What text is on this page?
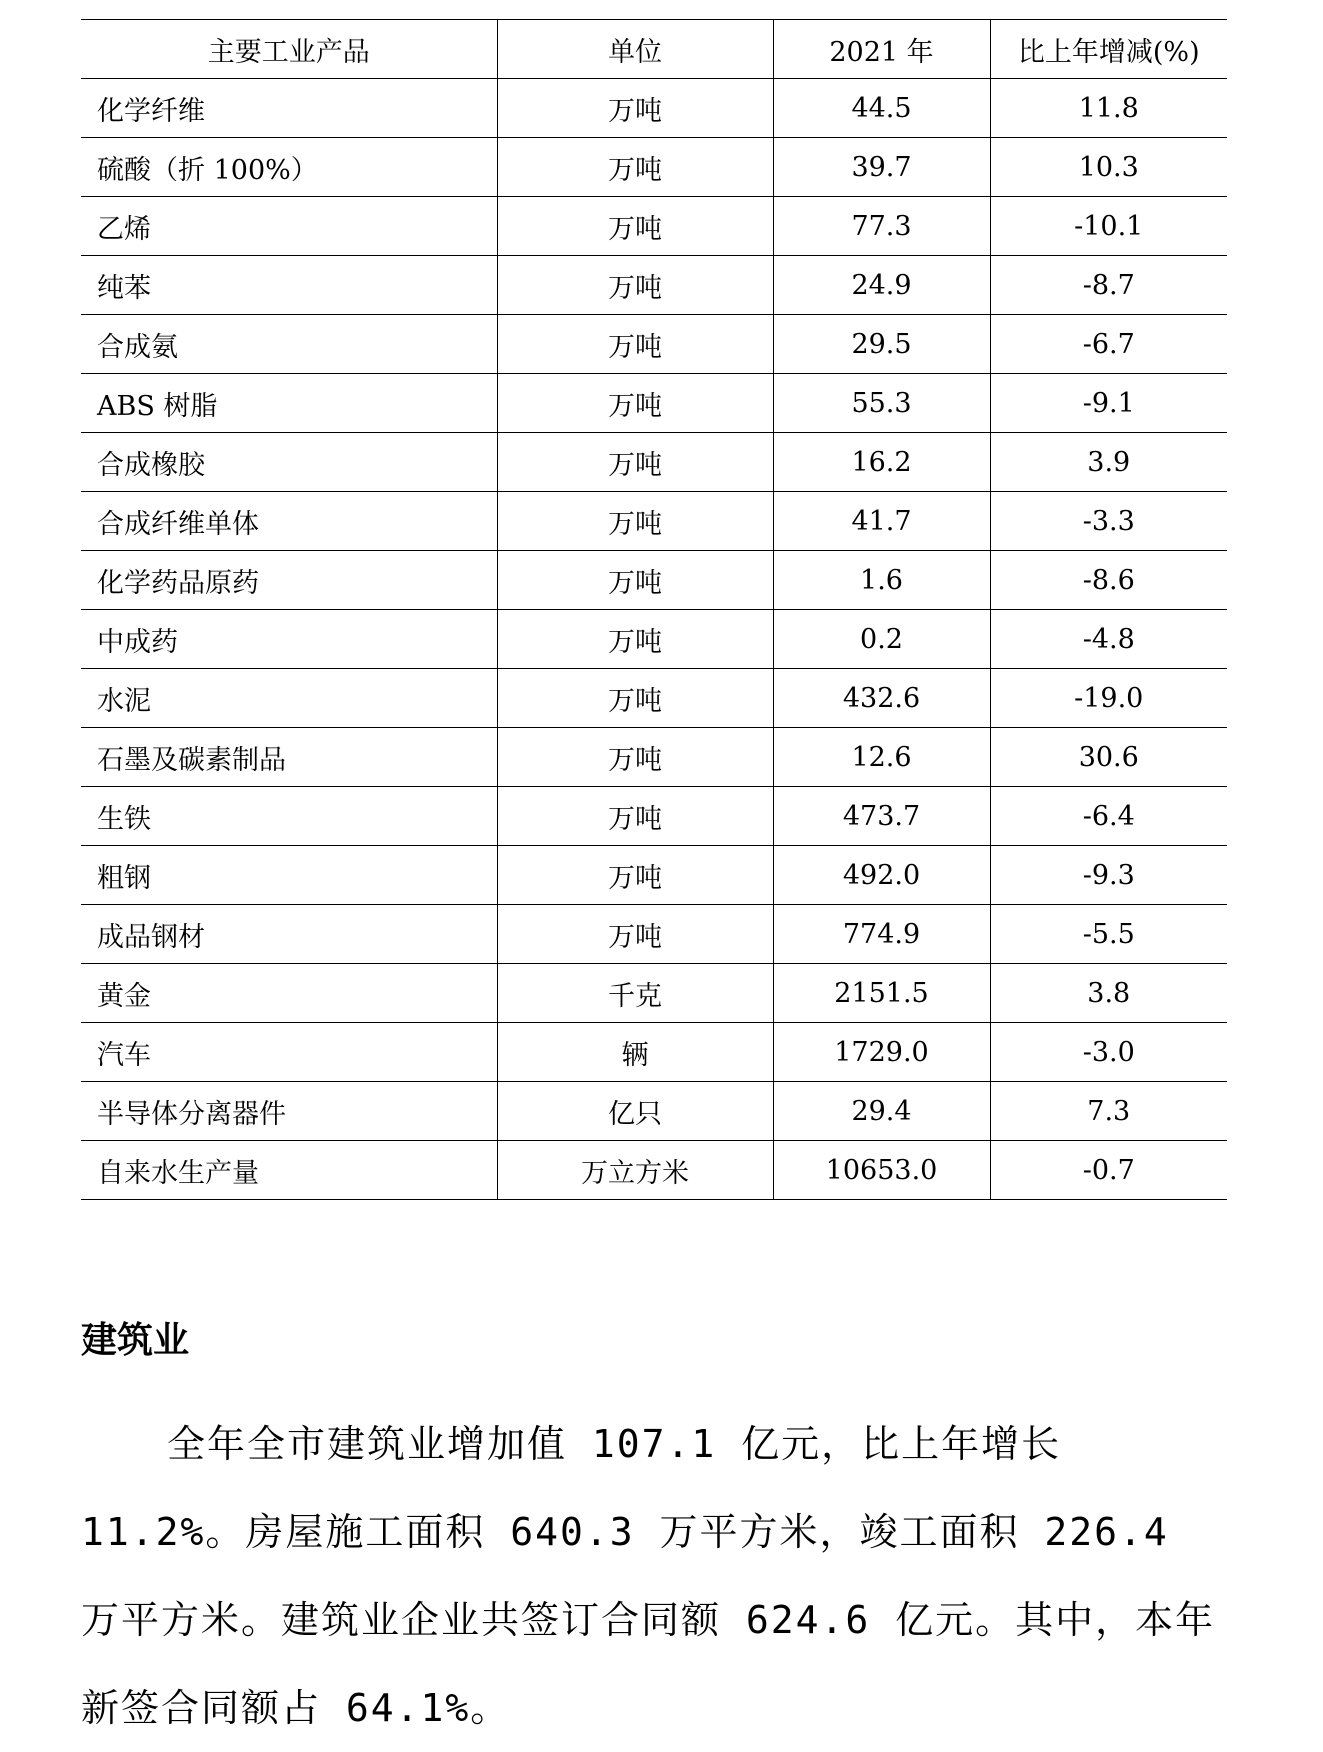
主要工业产品	单位	2021 年	比上年增减(%)
化学纤维	万吨	44.5	11.8
硫酸（折 100%）	万吨	39.7	10.3
乙烯	万吨	77.3	-10.1
纯苯	万吨	24.9	-8.7
合成氨	万吨	29.5	-6.7
ABS 树脂	万吨	55.3	-9.1
合成橡胶	万吨	16.2	3.9
合成纤维单体	万吨	41.7	-3.3
化学药品原药	万吨	1.6	-8.6
中成药	万吨	0.2	-4.8
水泥	万吨	432.6	-19.0
石墨及碳素制品	万吨	12.6	30.6
生铁	万吨	473.7	-6.4
粗钢	万吨	492.0	-9.3
成品钢材	万吨	774.9	-5.5
黄金	千克	2151.5	3.8
汽车	辆	1729.0	-3.0
半导体分离器件	亿只	29.4	7.3
自来水生产量	万立方米	10653.0	-0.7
建筑业

全年全市建筑业增加值 107.1 亿元，比上年增长 11.2%。房屋施工面积 640.3 万平方米，竣工面积 226.4 万平方米。建筑业企业共签订合同额 624.6 亿元。其中，本年新签合同额占 64.1%。
